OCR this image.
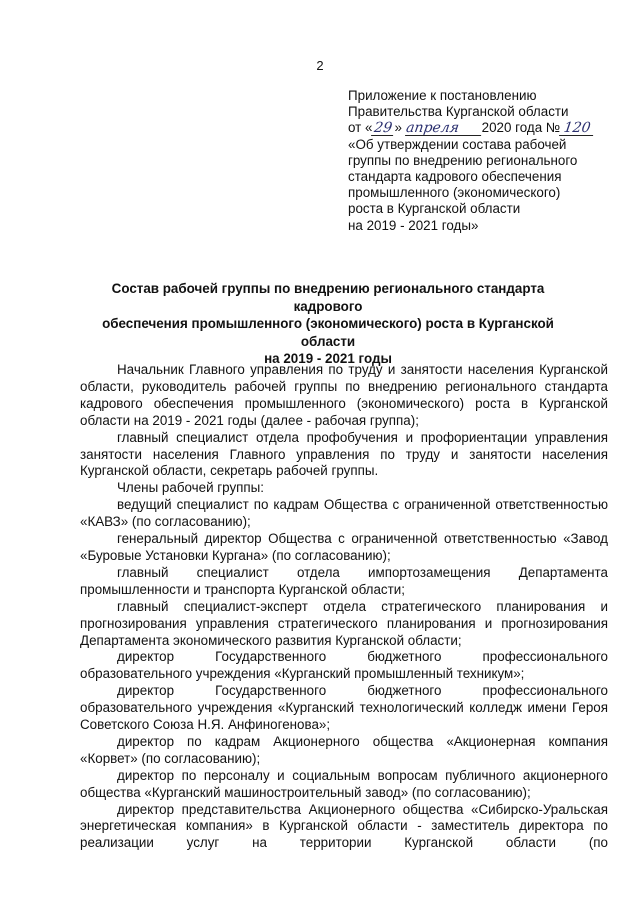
2
Приложение к постановлению
Правительства Курганской области
от «29» апреля 2020 года № 120
«Об утверждении состава рабочей
группы по внедрению регионального
стандарта кадрового обеспечения
промышленного (экономического)
роста в Курганской области
на 2019 - 2021 годы»
Состав рабочей группы по внедрению регионального стандарта кадрового
обеспечения промышленного (экономического) роста в Курганской области
на 2019 - 2021 годы

Начальник Главного управления по труду и занятости населения Курганской области, руководитель рабочей группы по внедрению регионального стандарта кадрового обеспечения промышленного (экономического) роста в Курганской области на 2019 - 2021 годы (далее - рабочая группа);

главный специалист отдела профобучения и профориентации управления занятости населения Главного управления по труду и занятости населения Курганской области, секретарь рабочей группы.

Члены рабочей группы:

ведущий специалист по кадрам Общества с ограниченной ответственностью «КАВЗ» (по согласованию);

генеральный директор Общества с ограниченной ответственностью «Завод «Буровые Установки Кургана» (по согласованию);

главный специалист отдела импортозамещения Департамента промышленности и транспорта Курганской области;

главный специалист-эксперт отдела стратегического планирования и прогнозирования управления стратегического планирования и прогнозирования Департамента экономического развития Курганской области;

директор Государственного бюджетного профессионального образовательного учреждения «Курганский промышленный техникум»;

директор Государственного бюджетного профессионального образовательного учреждения «Курганский технологический колледж имени Героя Советского Союза Н.Я. Анфиногенова»;

директор по кадрам Акционерного общества «Акционерная компания «Корвет» (по согласованию);

директор по персоналу и социальным вопросам публичного акционерного общества «Курганский машиностроительный завод» (по согласованию);

директор представительства Акционерного общества «Сибирско-Уральская энергетическая компания» в Курганской области - заместитель директора по реализации услуг на территории Курганской области (по
